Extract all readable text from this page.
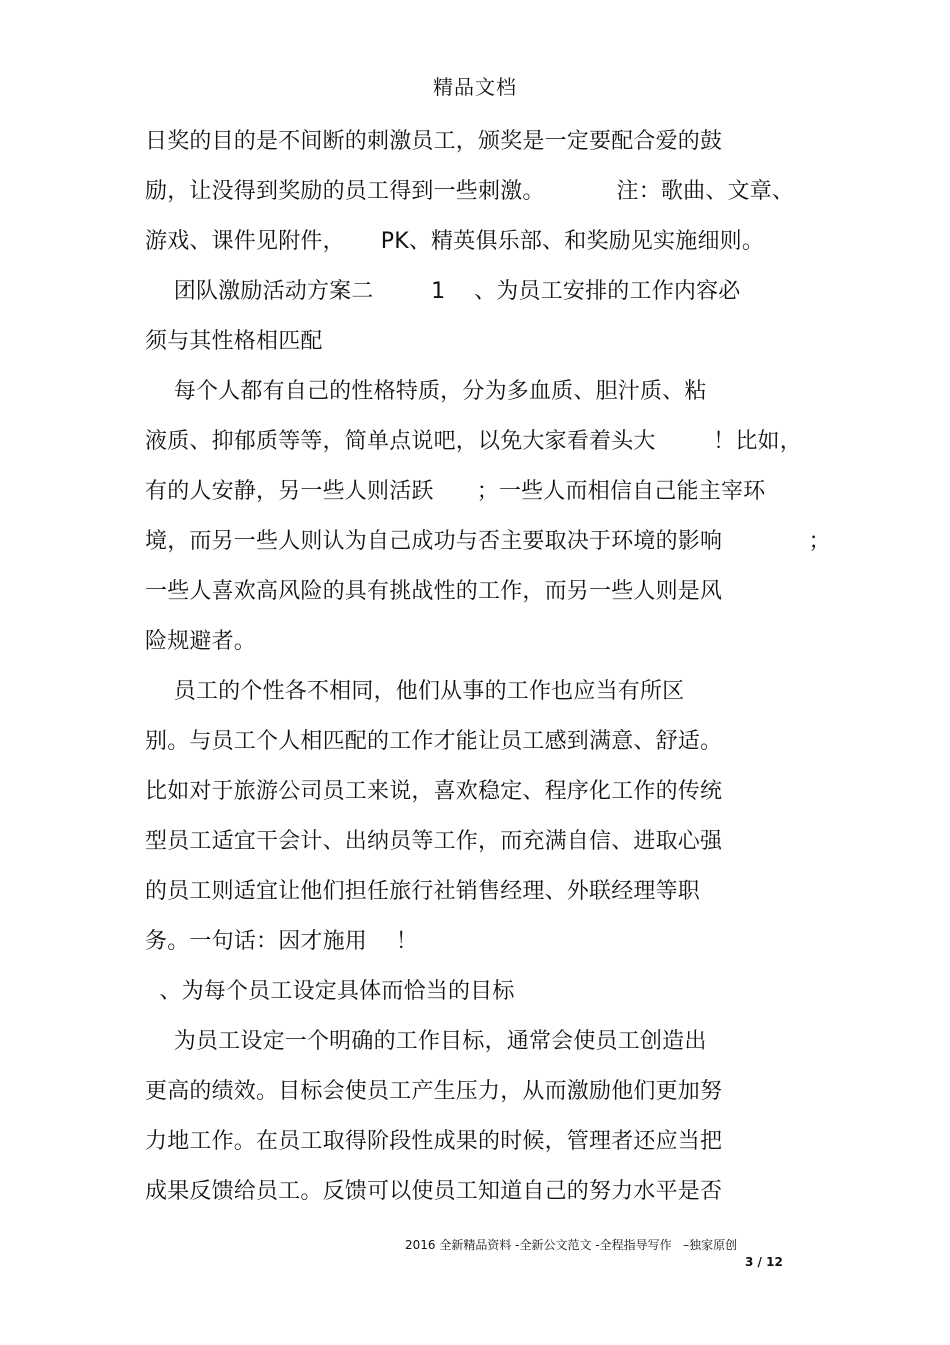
精品文档
日奖的目的是不间断的刺激员工，颁奖是一定要配合爱的鼓
励，让没得到奖励的员工得到一些刺激。          注：歌曲、文章、
游戏、课件见附件，     PK、精英俱乐部、和奖励见实施细则。
团队激励活动方案二        1    、为员工安排的工作内容必
须与其性格相匹配
每个人都有自己的性格特质，分为多血质、胆汁质、粘
液质、抑郁质等等，简单点说吧，以免大家看着头大        ！比如，
有的人安静，另一些人则活跃      ；一些人而相信自己能主宰环
境，而另一些人则认为自己成功与否主要取决于环境的影响            ；
一些人喜欢高风险的具有挑战性的工作，而另一些人则是风
险规避者。
员工的个性各不相同，他们从事的工作也应当有所区
别。与员工个人相匹配的工作才能让员工感到满意、舒适。
比如对于旅游公司员工来说，喜欢稳定、程序化工作的传统
型员工适宜干会计、出纳员等工作，而充满自信、进取心强
的员工则适宜让他们担任旅行社销售经理、外联经理等职
务。一句话：因才施用    ！
、为每个员工设定具体而恰当的目标
为员工设定一个明确的工作目标，通常会使员工创造出
更高的绩效。目标会使员工产生压力，从而激励他们更加努
力地工作。在员工取得阶段性成果的时候，管理者还应当把
成果反馈给员工。反馈可以使员工知道自己的努力水平是否
2016 全新精品资料 -全新公文范文 -全程指导写作   –独家原创
3 / 12
